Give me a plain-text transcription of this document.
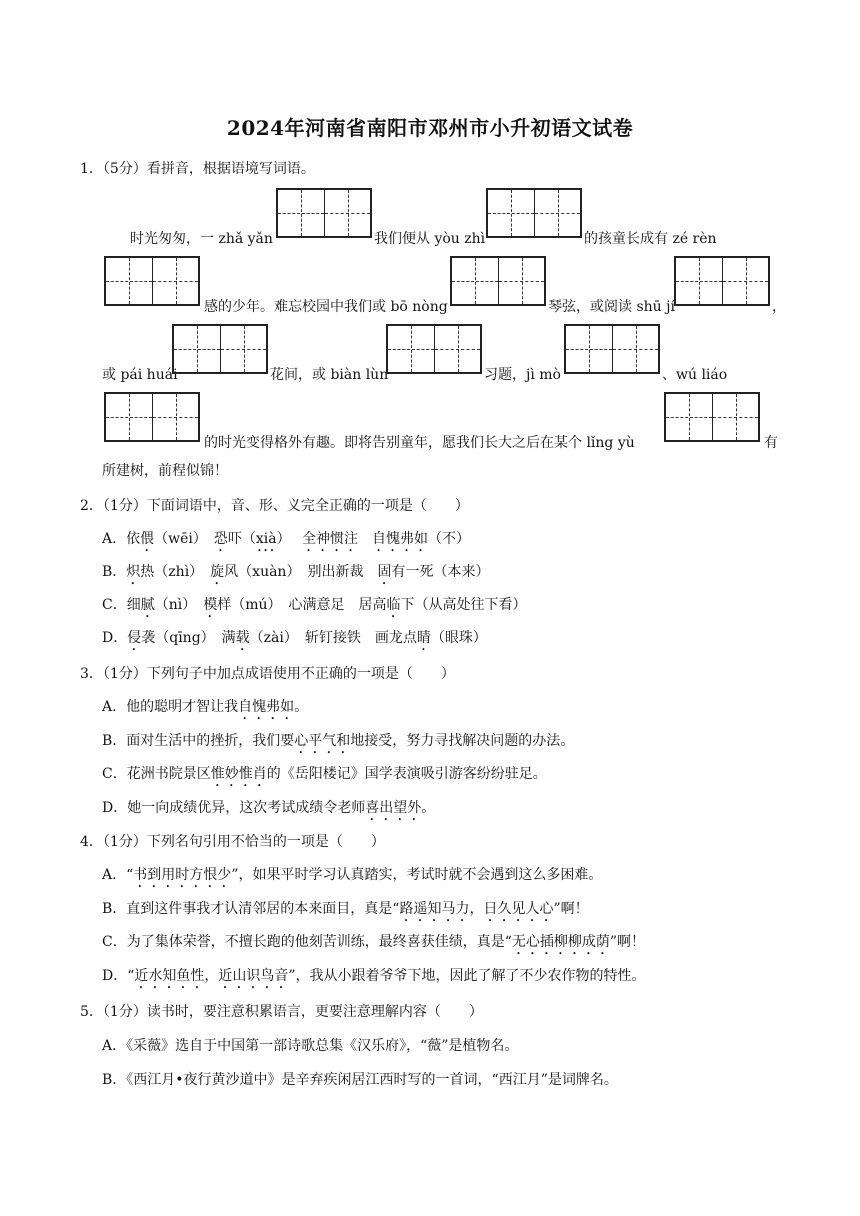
2024年河南省南阳市邓州市小升初语文试卷
1．（5分）看拼音，根据语境写词语。
时光匆匆，一 zhǎ yǎn	我们便从 yòu zhì	的孩童长成有 zé rèn
感的少年。难忘校园中我们或 bō nòng	琴弦，或阅读 shū jí	，
或 pái huái	花间，或 biàn lùn	习题，jì mò	、wú liáo
的时光变得格外有趣。即将告别童年，愿我们长大之后在某个 lǐng yù	有
所建树，前程似锦！
2．（1分）下面词语中，音、形、义完全正确的一项是（　　）
A．依偎（wēi）　恐吓（xià）　 全神惯注　自愧弗如（不）
B．炽热（zhì）　旋风（xuàn）　别出新裁　固有一死（本来）
C．细腻（nì）　模样（mú）　心满意足　居高临下（从高处往下看）
D．侵袭（qīng）　满载（zài）　斩钉接铁　画龙点睛（眼珠）
3．（1分）下列句子中加点成语使用不正确的一项是（　　）
A．他的聪明才智让我自愧弗如。
B．面对生活中的挫折，我们要心平气和地接受，努力寻找解决问题的办法。
C．花洲书院景区惟妙惟肖的《岳阳楼记》国学表演吸引游客纷纷驻足。
D．她一向成绩优异，这次考试成绩令老师喜出望外。
4．（1分）下列名句引用不恰当的一项是（　　）
A．“书到用时方恨少”，如果平时学习认真踏实，考试时就不会遇到这么多困难。
B．直到这件事我才认清邻居的本来面目，真是“路遥知马力，日久见人心”啊！
C．为了集体荣誉，不擅长跑的他刻苦训练，最终喜获佳绩，真是“无心插柳柳成荫”啊！
D．“近水知鱼性，近山识鸟音”，我从小跟着爷爷下地，因此了解了不少农作物的特性。
5．（1分）读书时，要注意积累语言，更要注意理解内容（　　）
A．《采薇》选自于中国第一部诗歌总集《汉乐府》，“薇”是植物名。
B．《西江月•夜行黄沙道中》是辛弃疾闲居江西时写的一首词，“西江月”是词牌名。
